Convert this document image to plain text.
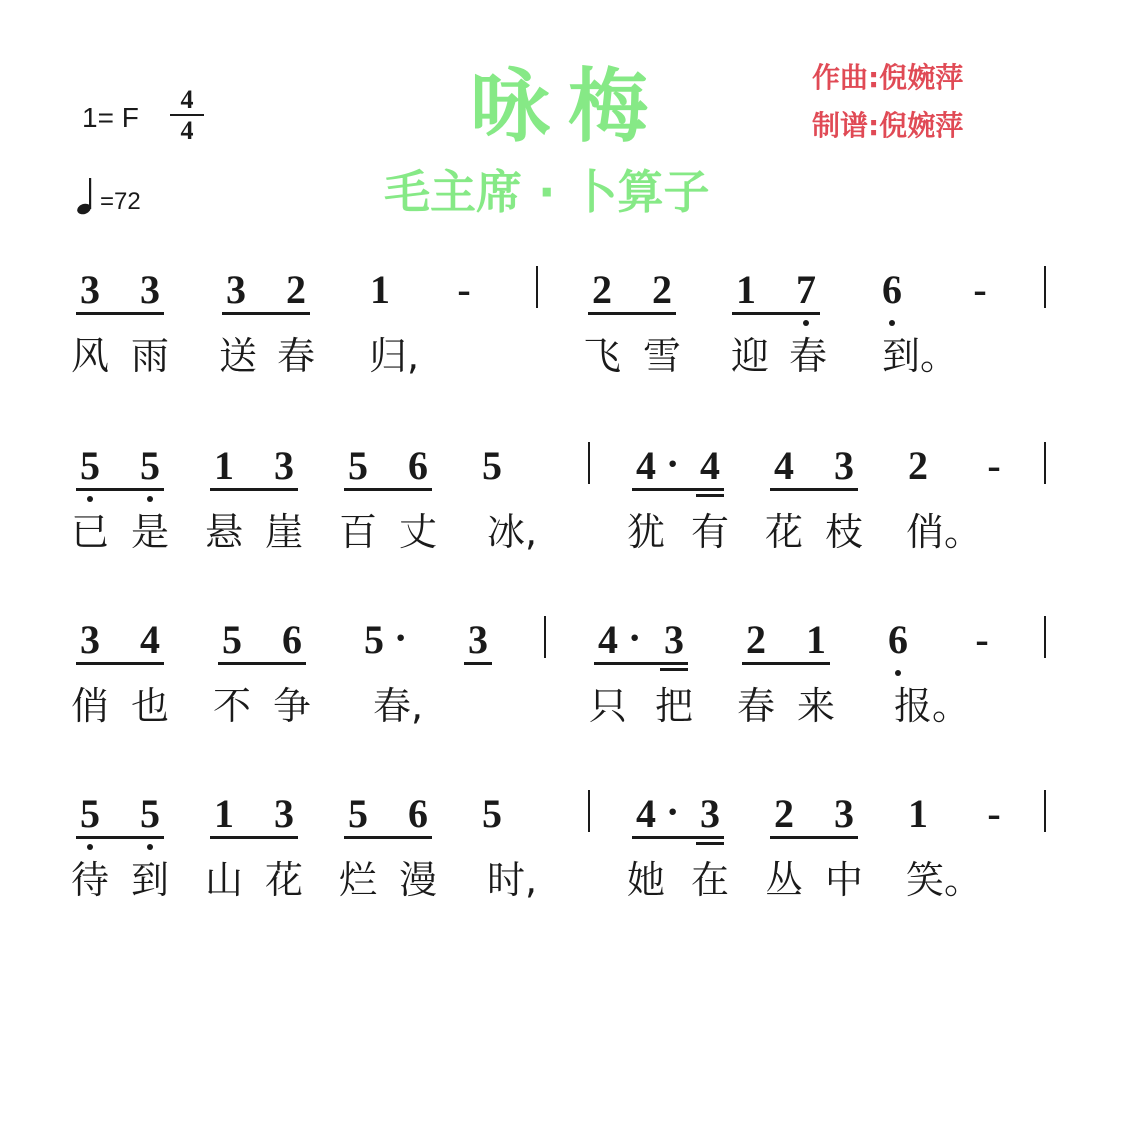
1= F
4
4
=72
咏梅
毛主席 · 卜算子
作曲:倪婉萍
制谱:倪婉萍
3 3 3 2 1	-	2 2 1 7 6	-
风 雨 送 春	归,	飞 雪 迎 春 到。
5 5 1 3 5 6 5	4 4 4 3 2	-
·
已 是 悬 崖 百 丈	冰,	犹 有 花 枝 俏。
3 4 5 6 5 3	4 3 2 1 6	-
·	·
俏 也 不 争	春,	只 把 春 来 报。
5 5 1 3 5 6 5	4 3 2 3 1	-
·
待 到 山 花 烂 漫	时,	她 在 丛 中 笑。
